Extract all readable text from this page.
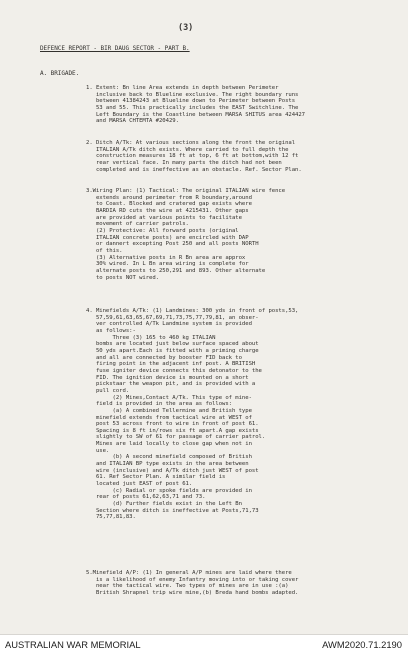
(3)
DEFENCE REPORT - BIR DAUG SECTOR - PART B.
A. BRIGADE.
1. Extent: Bn line Area extends in depth between Perimeter
inclusive back to Blueline exclusive. The right boundary runs
between 41384243 at Blueline down to Perimeter between Posts
53 and 55. This practically includes the EAST Switchline. The
Left Boundary is the Coastline between MARSA SHITUS area 424427
and MARSA CHTEMTA #20429.
2. Ditch A/Tk: At various sections along the front the original
ITALIAN A/Tk ditch exists. Where carried to full depth the
construction measures 18 ft at top, 6 ft at bottom,with 12 ft
rear vertical face. In many parts the ditch had not been
completed and is ineffective as an obstacle. Ref. Sector Plan.
3.Wiring Plan: (1) Tactical: The original ITALIAN wire fence
extends around perimeter from R boundary,around
to Coast. Blocked and cratered gap exists where
BARDIA RD cuts the wire at 4215431. Other gaps
are provided at various points to facilitate
movement of carrier patrols.
(2) Protective: All forward posts (original
ITALIAN concrete posts) are encircled with DAP
or dannert excepting Post 250 and all posts NORTH
of this.
(3) Alternative posts in R Bn area are approx
30% wired. In L Bn area wiring is complete for
alternate posts to 250,291 and 893. Other alternate
to posts NOT wired.
4. Minefields A/Tk: (1) Landmines: 300 yds in front of posts,53,
57,59,61,63,65,67,69,71,73,75,77,79,81, an obser-
ver controlled A/Tk Landmine system is provided
as follows:-
Three (3) 165 to 460 kg ITALIAN
bombs are located just below surface spaced about
50 yds apart.Each is fitted with a priming charge
and all are connected by booster FID back to
firing point in the adjacent inf post. A BRITISH
fuse igniter device connects this detonator to the
FID. The ignition device is mounted on a short
pickstaar the weapon pit, and is provided with a
pull cord.
(2) Mines,Contact A/Tk. This type of mine-
field is provided in the area as follows:
(a) A combined Tellermine and British type
minefield extends from tactical wire at WEST of
post 53 across front to wire in front of post 61.
Spacing is 8 ft in/rows six ft apart.A gap exists
slightly to SW of 61 for passage of carrier patrol.
Mines are laid locally to close gap when not in
use.
(b) A second minefield composed of British
and ITALIAN BP type exists in the area between
wire (inclusive) and A/Tk ditch just WEST of post
61. Ref Sector Plan. A similar field is
located just EAST of post 61.
(c) Radial or spoke fields are provided in
rear of posts 61,62,63,71 and 73.
(d) Further fields exist in the Left Bn
Section where ditch is ineffective at Posts,71,73
75,77,81,83.
5.Minefield A/P: (1) In general A/P mines are laid where there
is a likelihood of enemy Infantry moving into or taking cover
near the tactical wire. Two types of mines are in use :(a)
British Shrapnel trip wire mine,(b) Breda hand bombs adapted.
AUSTRALIAN WAR MEMORIAL	AWM2020.71.2190
